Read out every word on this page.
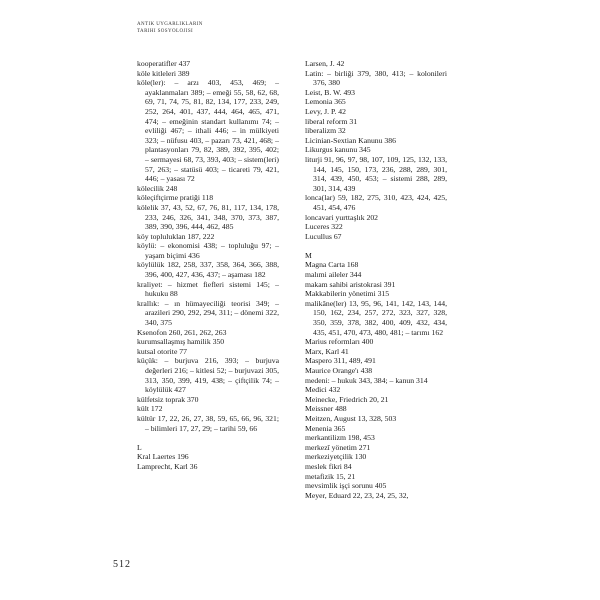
ANTIK UYGARLIKLARIN
TARIHI SOSYOLOJISI

kooperatifler 437

köle kitleleri 389

köle(ler): – arzı 403, 453, 469; – ayaklanmaları 389; – emeği 55, 58, 62, 68, 69, 71, 74, 75, 81, 82, 134, 177, 233, 249, 252, 264, 401, 437, 444, 464, 465, 471, 474; – emeğinin standart kullanımı 74; – evliliği 467; – ithali 446; – in mülkiyeti 323; – nüfusu 403, – pazarı 73, 421, 468; – plantasyonları 79, 82, 389, 392, 395, 402; – sermayesi 68, 73, 393, 403; – sistem(leri) 57, 263; – statüsü 403; – ticareti 79, 421, 446; – yasası 72

kölecilik 248

köleçiftçirme pratiği 118

kölelik 37, 43, 52, 67, 76, 81, 117, 134, 178, 233, 246, 326, 341, 348, 370, 373, 387, 389, 390, 396, 444, 462, 485

köy topluluklan 187, 222

köylü: – ekonomisi 438; – topluluğu 97; – yaşam biçimi 436

köylülük 182, 258, 337, 358, 364, 366, 388, 396, 400, 427, 436, 437; – aşaması 182

kraliyet: – hizmet fiefleri sistemi 145; – hukuku 88

krallık: – ın hümayeciliği teorisi 349; – arazileri 290, 292, 294, 311; – dönemi 322, 340, 375

Ksenofon 260, 261, 262, 263

kurumsallaşmış hamilik 350

kutsal otorite 77

küçük: – burjuva 216, 393; – burjuva değerleri 216; – kitlesi 52; – burjuvazi 305, 313, 350, 399, 419, 438; – çiftçilik 74; – köylülük 427

külfetsiz toprak 370

kült 172

kültür 17, 22, 26, 27, 38, 59, 65, 66, 96, 321; – bilimleri 17, 27, 29; – tarihi 59, 66

L

Kral Laertes 196

Lamprecht, Karl 36

Larsen, J. 42

Latin: – birliği 379, 380, 413; – kolonileri 376, 380

Leist, B. W. 493

Lemonia 365

Levy, J. P. 42

liberal reform 31

liberalizm 32

Licinian-Sextian Kanunu 386

Likurgus kanunu 345

liturji 91, 96, 97, 98, 107, 109, 125, 132, 133, 144, 145, 150, 173, 236, 288, 289, 301, 314, 439, 450, 453; – sistemi 288, 289, 301, 314, 439

lonca(lar) 59, 182, 275, 310, 423, 424, 425, 451, 454, 476

loncavari yurttaşlık 202

Luceres 322

Lucullus 67

M

Magna Carta 168

malımi aileler 344

makam sahibi aristokrasi 391

Makkabilerin yönetimi 315

malikâne(ler) 13, 95, 96, 141, 142, 143, 144, 150, 162, 234, 257, 272, 323, 327, 328, 350, 359, 378, 382, 400, 409, 432, 434, 435, 451, 470, 473, 480, 481; – tarımı 162

Marius reformları 400

Marx, Karl 41

Maspero 311, 489, 491

Maurice Orange'ı 438

medeni: – hukuk 343, 384; – kanun 314

Medici 432

Meinecke, Friedrich 20, 21

Meissner 488

Meitzen, August 13, 328, 503

Menenia 365

merkantilizm 198, 453

merkezî yönetim 271

merkeziyetçilik 130

meslek fikri 84

metafizik 15, 21

mevsimlik işçi sorunu 405

Meyer, Eduard 22, 23, 24, 25, 32,

512
